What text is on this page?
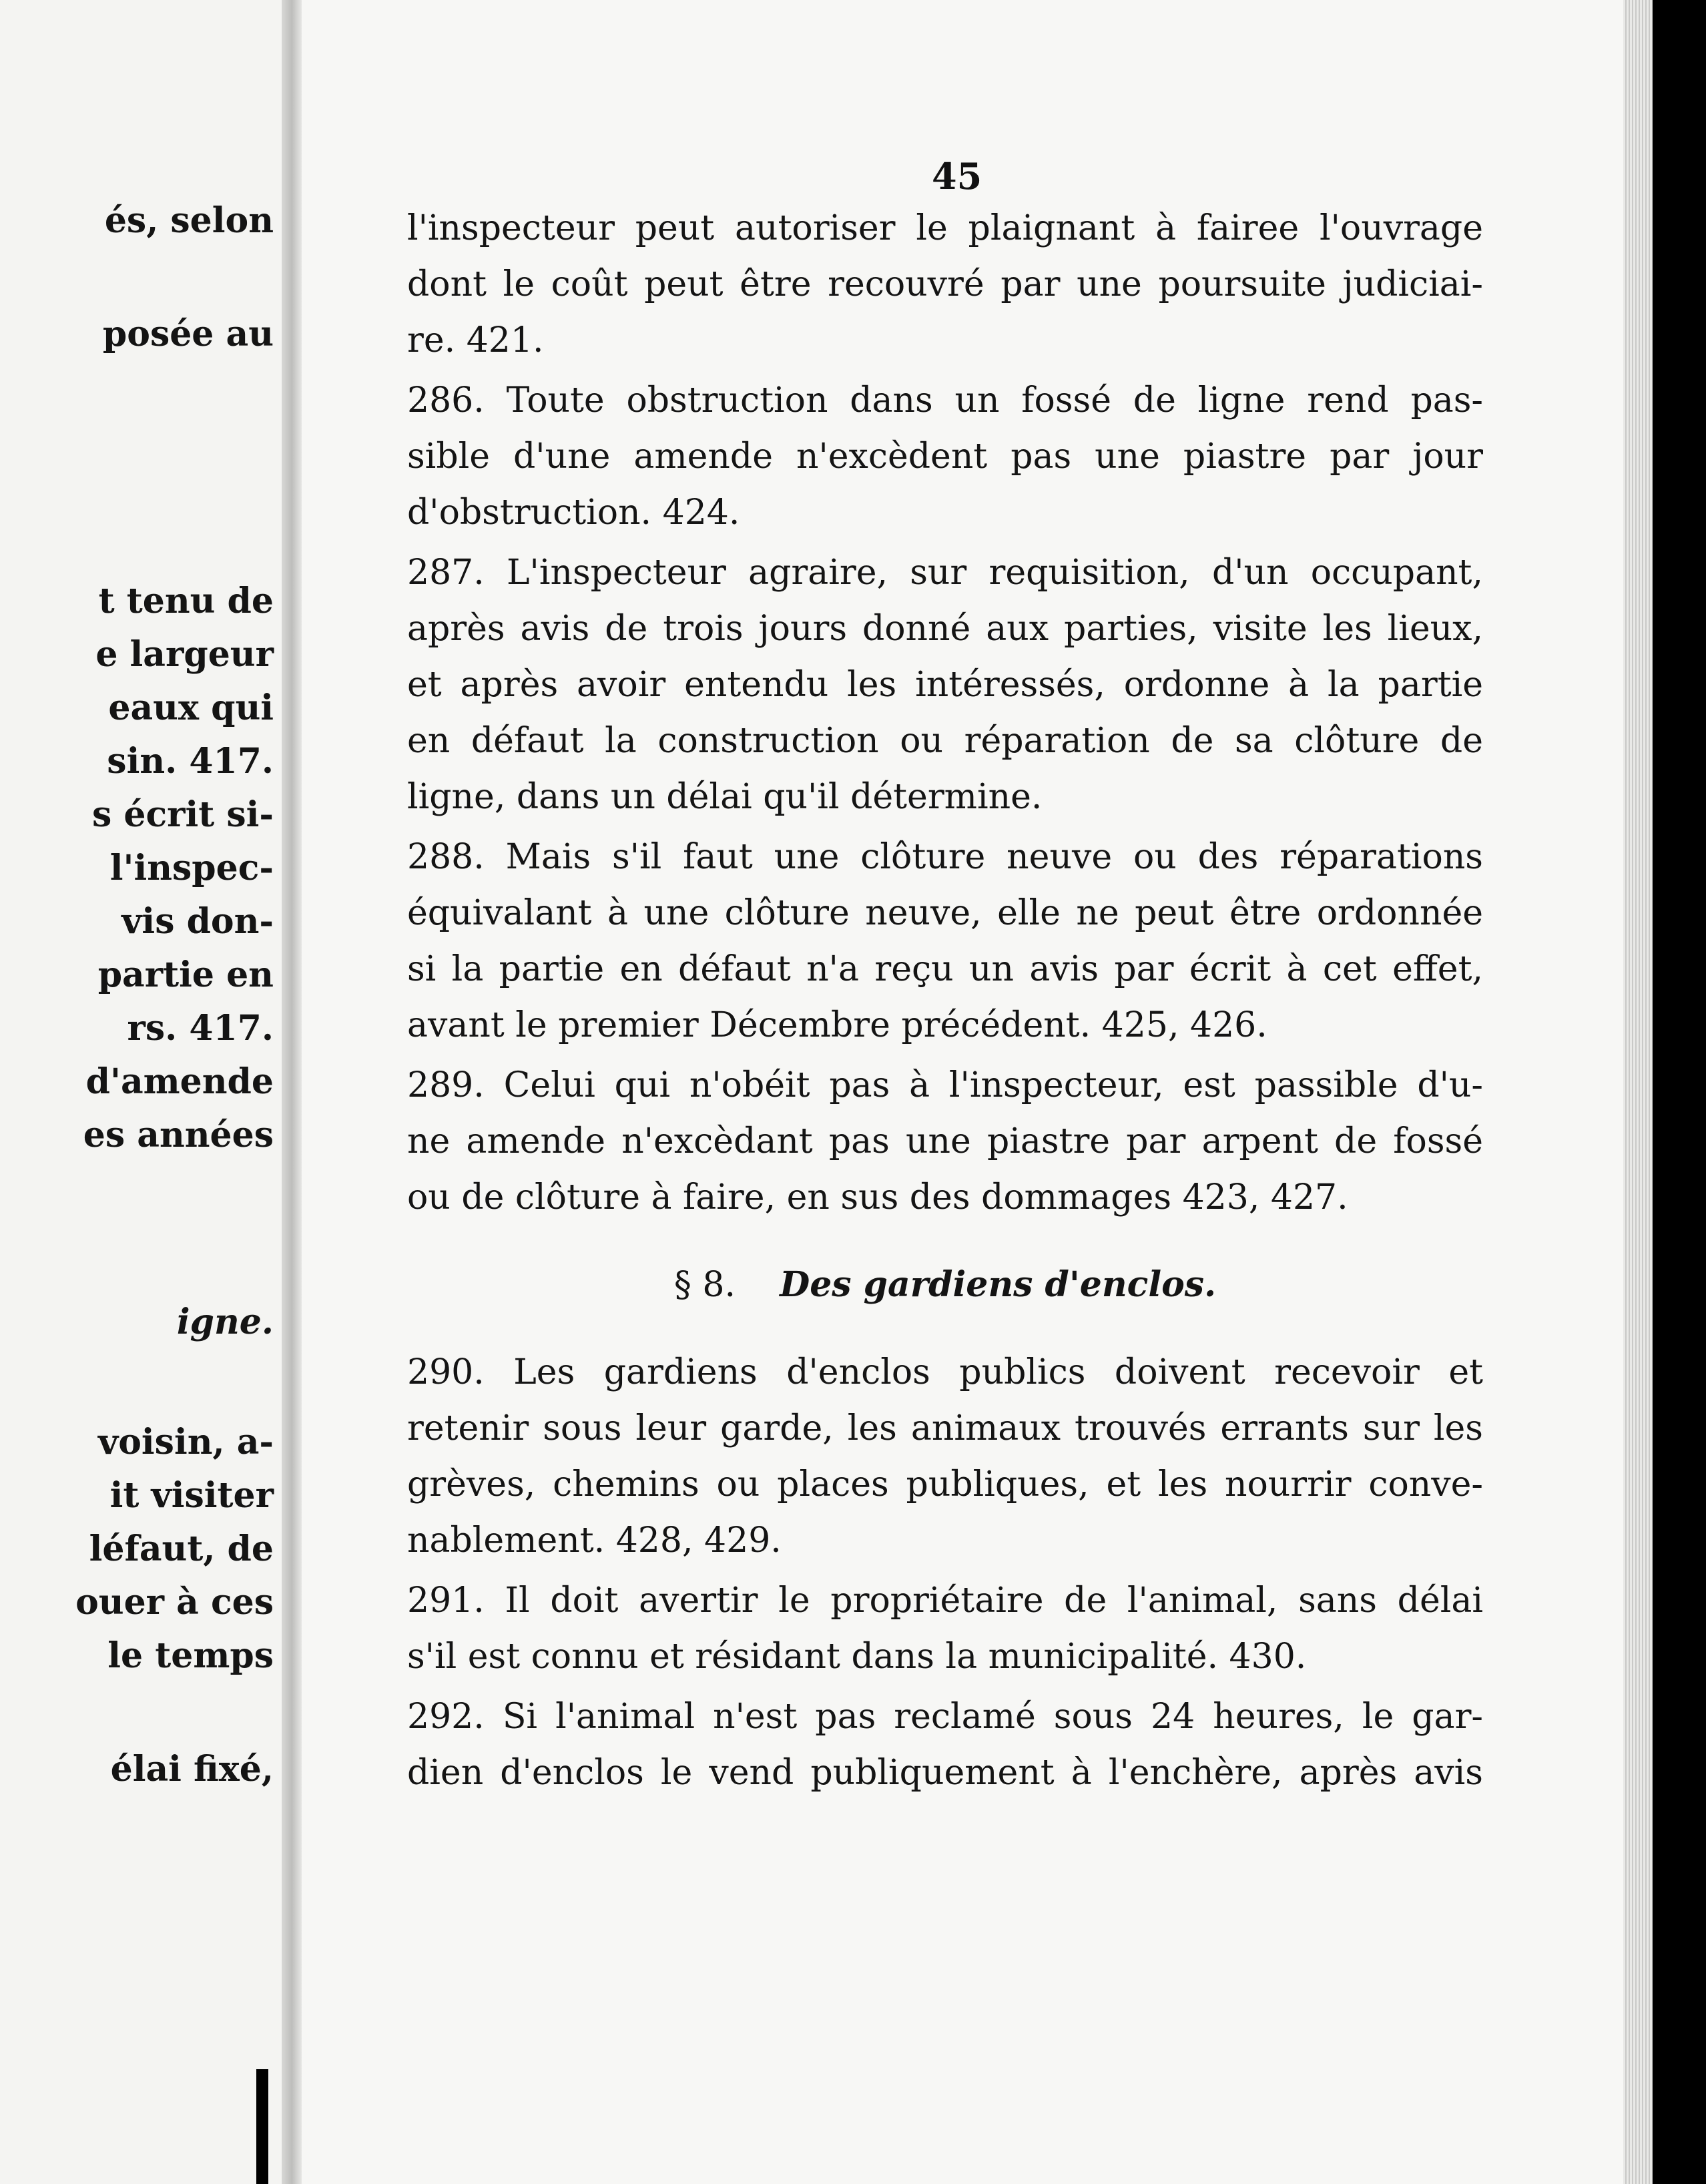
és, selon
posée au
t tenu de
e largeur
eaux qui
sin. 417.
s écrit si-
l'inspec-
vis don-
partie en
rs. 417.
d'amende
es années
igne.
voisin, a-
it visiter
léfaut, de
ouer à ces
le temps
élai fixé,
45
l'inspecteur peut autoriser le plaignant à fairee l'ouvrage
dont le coût peut être recouvré par une poursuite judiciai-
re. 421.
286. Toute obstruction dans un fossé de ligne rend pas-
sible d'une amende n'excèdent pas une piastre par jour
d'obstruction. 424.
287. L'inspecteur agraire, sur requisition, d'un occupant,
après avis de trois jours donné aux parties, visite les lieux,
et après avoir entendu les intéressés, ordonne à la partie
en défaut la construction ou réparation de sa clôture de
ligne, dans un délai qu'il détermine.
288. Mais s'il faut une clôture neuve ou des réparations
équivalant à une clôture neuve, elle ne peut être ordonnée
si la partie en défaut n'a reçu un avis par écrit à cet effet,
avant le premier Décembre précédent. 425, 426.
289. Celui qui n'obéit pas à l'inspecteur, est passible d'u-
ne amende n'excèdant pas une piastre par arpent de fossé
ou de clôture à faire, en sus des dommages 423, 427.
§ 8. Des gardiens d'enclos.
290. Les gardiens d'enclos publics doivent recevoir et
retenir sous leur garde, les animaux trouvés errants sur les
grèves, chemins ou places publiques, et les nourrir conve-
nablement. 428, 429.
291. Il doit avertir le propriétaire de l'animal, sans délai
s'il est connu et résidant dans la municipalité. 430.
292. Si l'animal n'est pas reclamé sous 24 heures, le gar-
dien d'enclos le vend publiquement à l'enchère, après avis
